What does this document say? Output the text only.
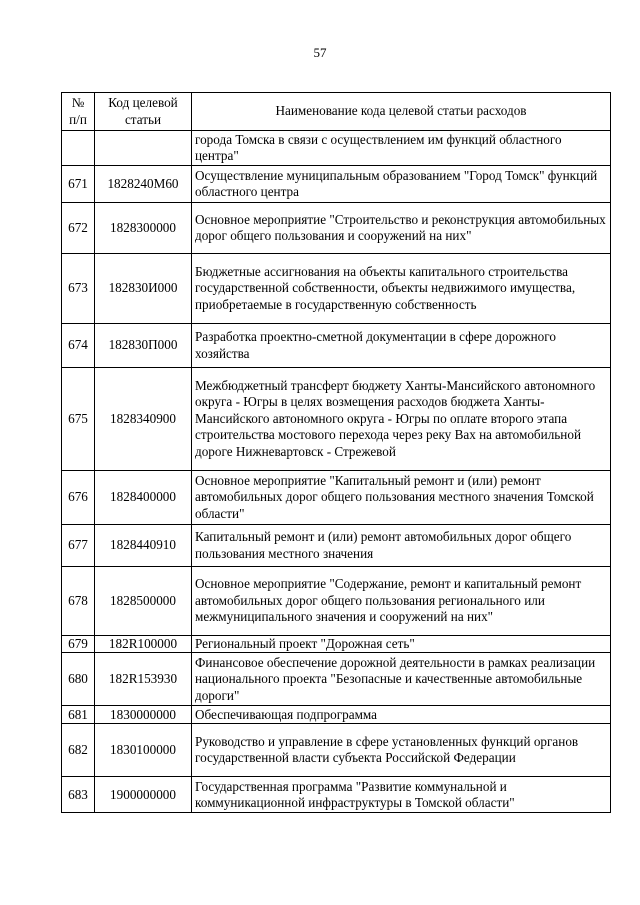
57
№ п/п	Код целевой статьи	Наименование кода целевой статьи расходов
		города Томска в связи с осуществлением им функций областного центра"
671	1828240М60	Осуществление муниципальным образованием "Город Томск" функций областного центра
672	1828300000	Основное мероприятие "Строительство и реконструкция автомобильных дорог общего пользования и сооружений на них"
673	182830И000	Бюджетные ассигнования на объекты капитального строительства государственной собственности, объекты недвижимого имущества, приобретаемые в государственную собственность
674	182830П000	Разработка проектно-сметной документации в сфере дорожного хозяйства
675	1828340900	Межбюджетный трансферт бюджету Ханты-Мансийского автономного округа - Югры в целях возмещения расходов бюджета Ханты-Мансийского автономного округа - Югры по оплате второго этапа строительства мостового перехода через реку Вах на автомобильной дороге Нижневартовск - Стрежевой
676	1828400000	Основное мероприятие "Капитальный ремонт и (или) ремонт автомобильных дорог общего пользования местного значения Томской области"
677	1828440910	Капитальный ремонт и (или) ремонт автомобильных дорог общего пользования местного значения
678	1828500000	Основное мероприятие "Содержание, ремонт и капитальный ремонт автомобильных дорог общего пользования регионального или межмуниципального значения и сооружений на них"
679	182R100000	Региональный проект "Дорожная сеть"
680	182R153930	Финансовое обеспечение дорожной деятельности в рамках реализации национального проекта "Безопасные и качественные автомобильные дороги"
681	1830000000	Обеспечивающая подпрограмма
682	1830100000	Руководство и управление в сфере установленных функций органов государственной власти субъекта Российской Федерации
683	1900000000	Государственная программа "Развитие коммунальной и коммуникационной инфраструктуры в Томской области"
